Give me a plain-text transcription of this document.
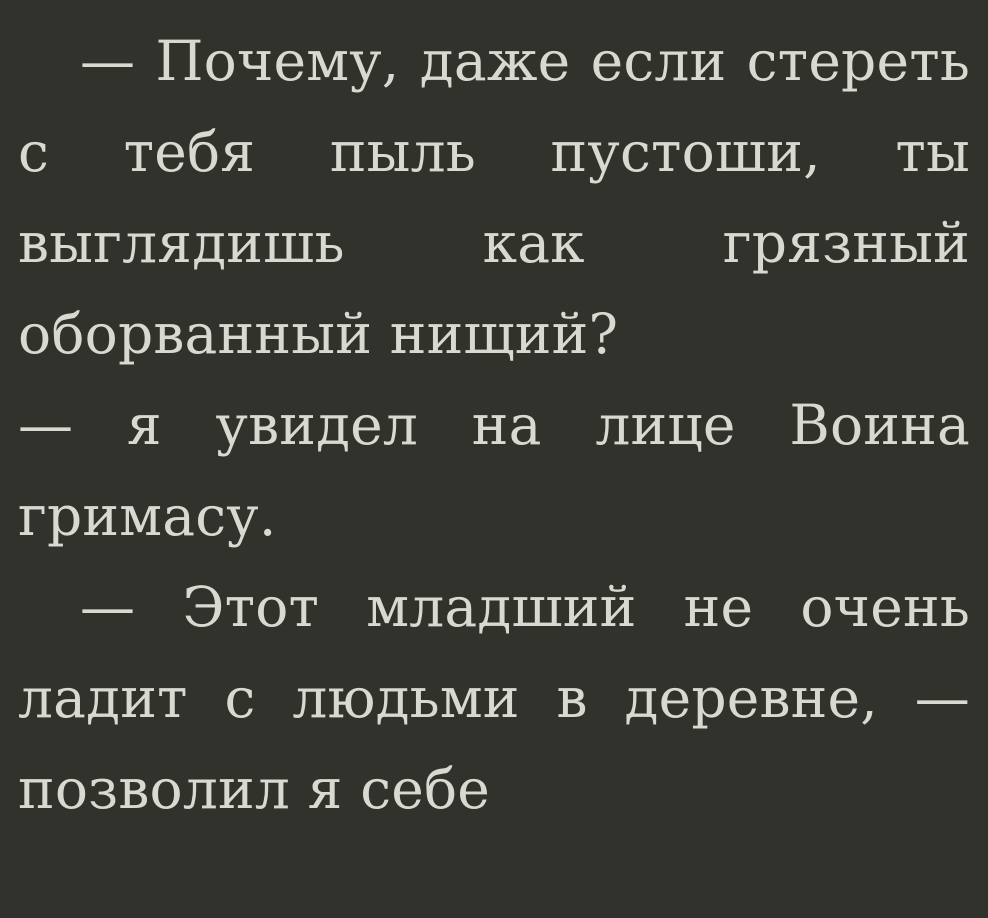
— Почему, даже если стереть с тебя пыль пустоши, ты выглядишь как грязный оборванный нищий?

— я увидел на лице Воина гримасу.

— Этот младший не очень ладит с людьми в деревне, — позволил я себе
